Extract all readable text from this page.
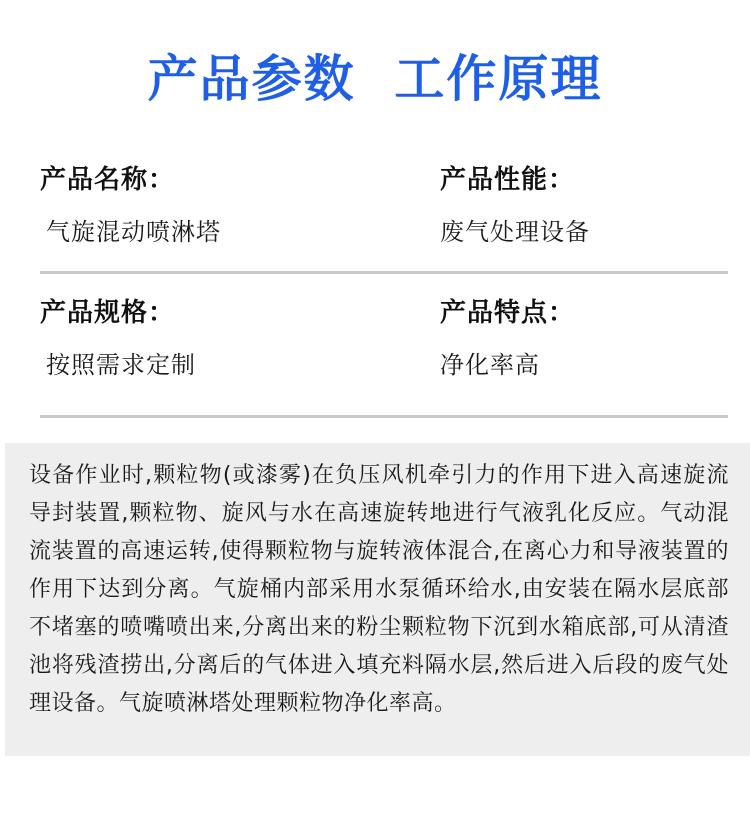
产品参数  工作原理
产品名称：
气旋混动喷淋塔
产品性能：
废气处理设备
产品规格：
按照需求定制
产品特点：
净化率高
设备作业时,颗粒物(或漆雾)在负压风机牵引力的作用下进入高速旋流导封装置,颗粒物、旋风与水在高速旋转地进行气液乳化反应。气动混流装置的高速运转,使得颗粒物与旋转液体混合,在离心力和导液装置的作用下达到分离。气旋桶内部采用水泵循环给水,由安装在隔水层底部不堵塞的喷嘴喷出来,分离出来的粉尘颗粒物下沉到水箱底部,可从清渣池将残渣捞出,分离后的气体进入填充料隔水层,然后进入后段的废气处理设备。气旋喷淋塔处理颗粒物净化率高。
